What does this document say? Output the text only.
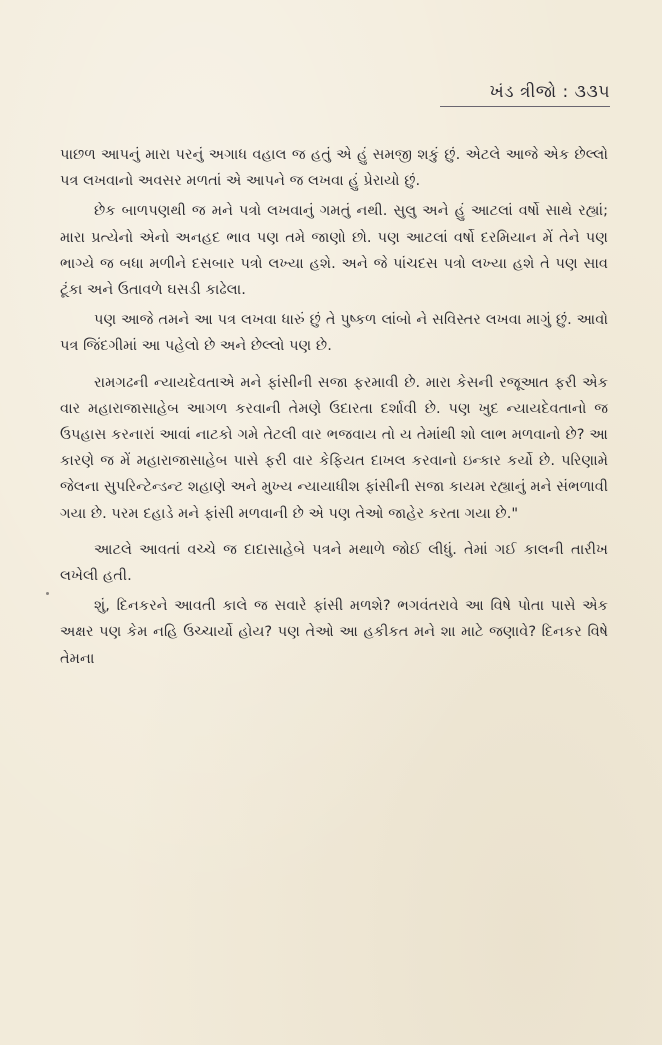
ખંડ ત્રીજો : ૩૩૫

પાછળ આપનું મારા પરનું અગાધ વહાલ જ હતું એ હું સમજી શકું છું. એટલે આજે એક છેલ્લો પત્ર લખવાનો અવસર મળતાં એ આપને જ લખવા હું પ્રેરાયો છું.

છેક બાળપણથી જ મને પત્રો લખવાનું ગમતું નથી. સુલુ અને હું આટલાં વર્ષો સાથે રહ્યાં; મારા પ્રત્યેનો એનો અનહદ ભાવ પણ તમે જાણો છો. પણ આટલાં વર્ષો દરમિયાન મેં તેને પણ ભાગ્યે જ બધા મળીને દસબાર પત્રો લખ્યા હશે. અને જે પાંચદસ પત્રો લખ્યા હશે તે પણ સાવ ટૂંકા અને ઉતાવળે ઘસડી કાઢેલા.

પણ આજે તમને આ પત્ર લખવા ધારું છું તે પુષ્કળ લાંબો ને સવિસ્તર લખવા માગું છું. આવો પત્ર જિંદગીમાં આ પહેલો છે અને છેલ્લો પણ છે.

રામગઢની ન્યાયદેવતાએ મને ફાંસીની સજા ફરમાવી છે. મારા કેસની રજૂઆત ફરી એક વાર મહારાજાસાહેબ આગળ કરવાની તેમણે ઉદારતા દર્શાવી છે. પણ ખુદ ન્યાયદેવતાનો જ ઉપહાસ કરનારાં આવાં નાટકો ગમે તેટલી વાર ભજવાય તો ય તેમાંથી શો લાભ મળવાનો છે? આ કારણે જ મેં મહારાજાસાહેબ પાસે ફરી વાર કેફિયત દાખલ કરવાનો ઇન્કાર કર્યો છે. પરિણામે જેલના સુપરિન્ટેન્ડન્ટ શહાણે અને મુખ્ય ન્યાયાધીશ ફાંસીની સજા કાયમ રહ્યાનું મને સંભળાવી ગયા છે. પરમ દહાડે મને ફાંસી મળવાની છે એ પણ તેઓ જાહેર કરતા ગયા છે."

આટલે આવતાં વચ્ચે જ દાદાસાહેબે પત્રને મથાળે જોઈ લીધું. તેમાં ગઈ કાલની તારીખ લખેલી હતી.

શું, દિનકરને આવતી કાલે જ સવારે ફાંસી મળશે? ભગવંતરાવે આ વિષે પોતા પાસે એક અક્ષર પણ કેમ નહિ ઉચ્ચાર્યો હોય? પણ તેઓ આ હકીકત મને શા માટે જણાવે? દિનકર વિષે તેમના
